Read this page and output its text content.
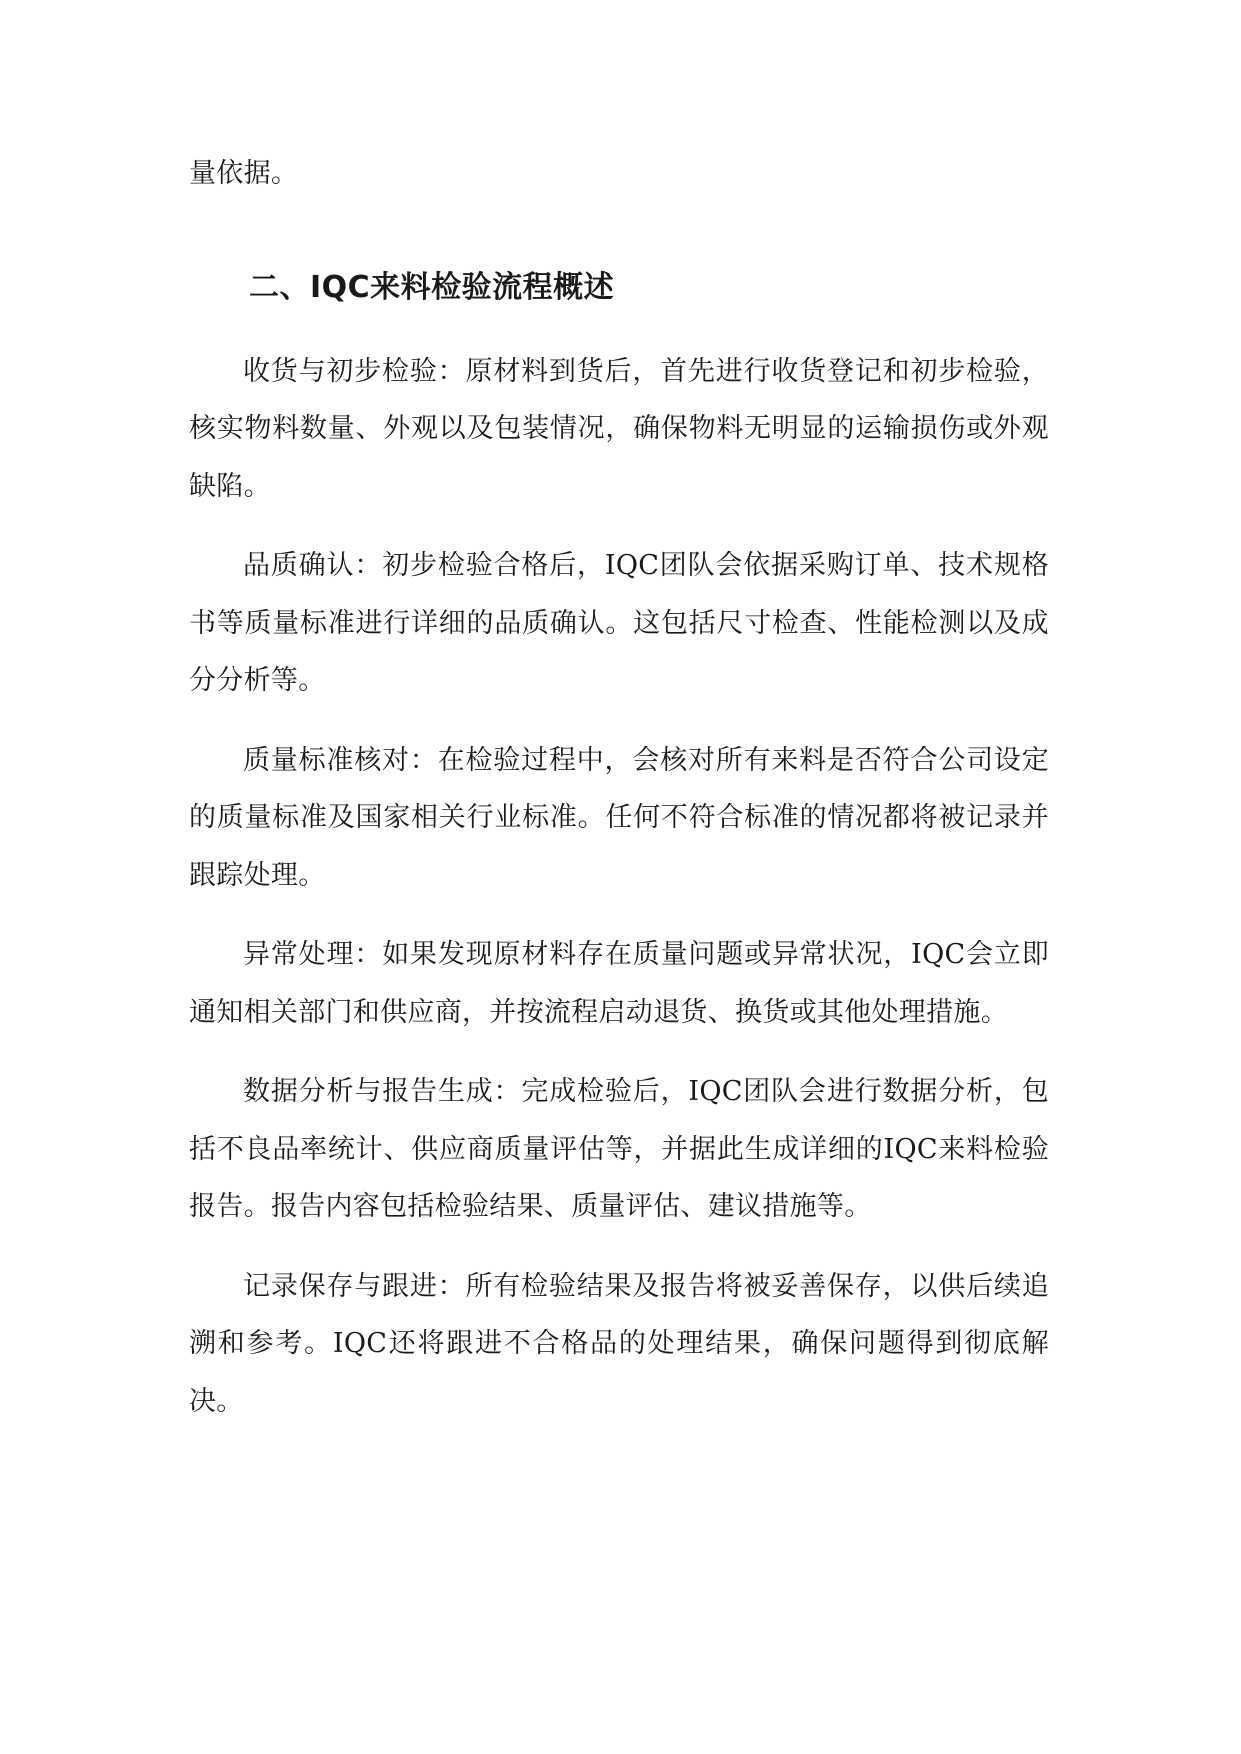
量依据。

二、IQC来料检验流程概述

收货与初步检验：原材料到货后，首先进行收货登记和初步检验，核实物料数量、外观以及包装情况，确保物料无明显的运输损伤或外观缺陷。

品质确认：初步检验合格后，IQC团队会依据采购订单、技术规格书等质量标准进行详细的品质确认。这包括尺寸检查、性能检测以及成分分析等。

质量标准核对：在检验过程中，会核对所有来料是否符合公司设定的质量标准及国家相关行业标准。任何不符合标准的情况都将被记录并跟踪处理。

异常处理：如果发现原材料存在质量问题或异常状况，IQC会立即通知相关部门和供应商，并按流程启动退货、换货或其他处理措施。

数据分析与报告生成：完成检验后，IQC团队会进行数据分析，包括不良品率统计、供应商质量评估等，并据此生成详细的IQC来料检验报告。报告内容包括检验结果、质量评估、建议措施等。

记录保存与跟进：所有检验结果及报告将被妥善保存，以供后续追溯和参考。IQC还将跟进不合格品的处理结果，确保问题得到彻底解决。
